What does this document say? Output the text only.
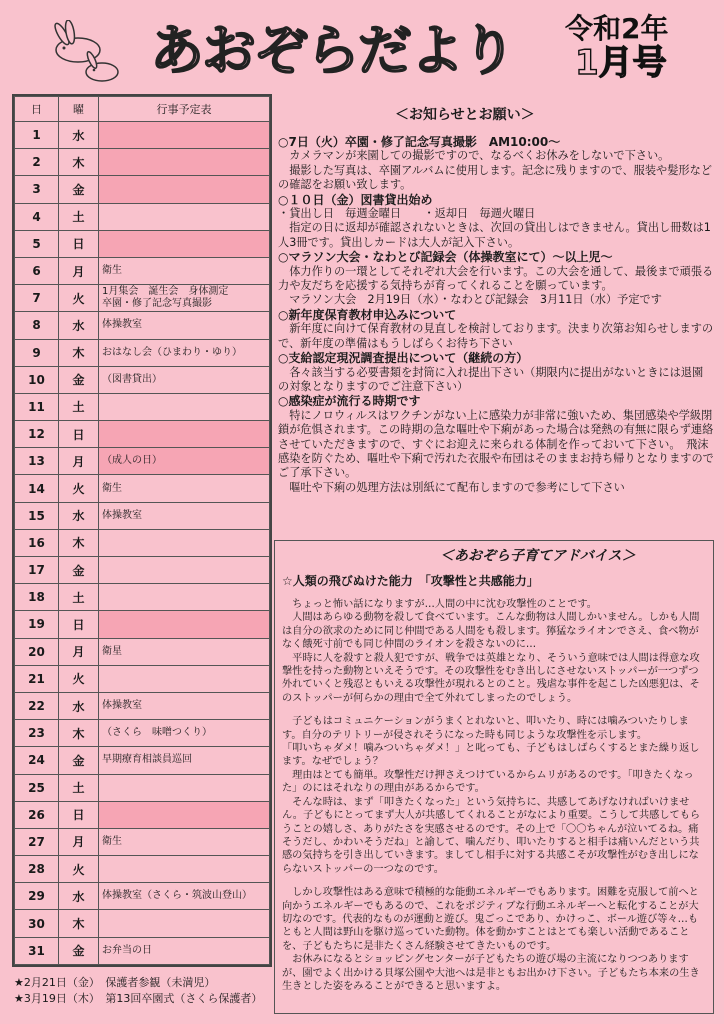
あおぞらだより 令和2年
1月号
日	曜	行事予定表
1	水	
2	木	
3	金	
4	土	
5	日	
6	月	衛生
7	火	1月集会　誕生会　身体測定
卒園・修了記念写真撮影
8	水	体操教室
9	木	おはなし会（ひまわり・ゆり）
10	金	（図書貸出）
11	土	
12	日	
13	月	（成人の日）
14	火	衛生
15	水	体操教室
16	木	
17	金	
18	土	
19	日	
20	月	衛星
21	火	
22	水	体操教室
23	木	（さくら　味噌つくり）
24	金	早期療育相談員巡回
25	土	
26	日	
27	月	衛生
28	火	
29	水	体操教室（さくら・筑波山登山）
30	木	
31	金	お弁当の日
★2月21日（金）　保護者参観（未満児）
★3月19日（木）　第13回卒園式（さくら保護者）
＜お知らせとお願い＞

○7日（火）卒園・修了記念写真撮影　AM10:00～

　カメラマンが来園しての撮影ですので、なるべくお休みをしないで下さい。
　撮影した写真は、卒園アルバムに使用します。記念に残りますので、服装や髪形などの確認をお願い致します。

○１０日（金）図書貸出始め

・貸出し日　毎週金曜日　　・返却日　毎週火曜日
　指定の日に返却が確認されないときは、次回の貸出しはできません。貸出し冊数は1人3冊です。貸出しカードは大人が記入下さい。

○マラソン大会・なわとび記録会（体操教室にて）～以上児～

　体力作りの一環としてそれぞれ大会を行います。この大会を通して、最後まで頑張る力や友だちを応援する気持ちが育ってくれることを願っています。
　マラソン大会　2月19日（水）・なわとび記録会　3月11日（水）予定です

○新年度保育教材申込みについて

　新年度に向けて保育教材の見直しを検討しております。決まり次第お知らせしますので、新年度の準備はもうしばらくお待ち下さい

○支給認定現況調査提出について（継続の方）

　各々該当する必要書類を封筒に入れ提出下さい（期限内に提出がないときには退園の対象となりますのでご注意下さい）

○感染症が流行る時期です

　特にノロウィルスはワクチンがない上に感染力が非常に強いため、集団感染や学級閉鎖が危惧されます。この時期の急な嘔吐や下痢があった場合は発熱の有無に限らず連絡させていただきますので、すぐにお迎えに来られる体制を作っておいて下さい。　飛沫感染を防ぐため、嘔吐や下痢で汚れた衣服や布団はそのままお持ち帰りとなりますのでご了承下さい。
　嘔吐や下痢の処理方法は別紙にて配布しますので参考にして下さい

＜あおぞら子育てアドバイス＞
☆人類の飛びぬけた能力　「攻撃性と共感能力」

　ちょっと怖い話になりますが…人間の中に沈む攻撃性のことです。
　人間はあらゆる動物を殺して食べています。こんな動物は人間しかいません。しかも人間は自分の欲求のために同じ仲間である人間をも殺します。獰猛なライオンでさえ、食べ物がなく餓死寸前でも同じ仲間のライオンを殺さないのに…
　平時に人を殺すと殺人犯ですが、戦争では英雄となり、そういう意味では人間は得意な攻撃性を持った動物といえそうです。その攻撃性をむき出しにさせないストッパーが一つずつ外れていくと残忍ともいえる攻撃性が現れるとのこと。残虐な事件を起こした凶悪犯は、そのストッパーが何らかの理由で全て外れてしまったのでしょう。

　子どもはコミュニケーションがうまくとれないと、叩いたり、時には噛みついたりします。自分のテリトリーが侵されそうになった時も同じような攻撃性を示します。
「叩いちゃダメ！噛みついちゃダメ！」と叱っても、子どもはしばらくするとまた繰り返します。なぜでしょう？
　理由はとても簡単。攻撃性だけ押さえつけているからムリがあるのです。「叩きたくなった」のにはそれなりの理由があるからです。
　そんな時は、まず「叩きたくなった」という気持ちに、共感してあげなければいけません。子どもにとってまず大人が共感してくれることがなにより重要。こうして共感してもらうことの嬉しさ、ありがたさを実感させるのです。その上で「〇〇ちゃんが泣いてるね。痛そうだし、かわいそうだね」と諭して、噛んだり、叩いたりすると相手は痛いんだという共感の気持ちを引き出していきます。ましてし相手に対する共感こそが攻撃性がむき出しにならないストッパーの一つなのです。

　しかし攻撃性はある意味で積極的な能動エネルギーでもあります。困難を克服して前へと向かうエネルギーでもあるので、これをポジティブな行動エネルギーへと転化することが大切なのです。代表的なものが運動と遊び。鬼ごっこであり、かけっこ、ボール遊び等々…もともと人間は野山を駆け巡っていた動物。体を動かすことはとても楽しい活動であることを、子どもたちに是非たくさん経験させてきたいものです。
　お休みになるとショッピングセンターが子どもたちの遊び場の主流になりつつありますが、園でよく出かける貝塚公園や大池へは是非ともお出かけ下さい。子どもたち本来の生き生きとした姿をみることができると思いますよ。
